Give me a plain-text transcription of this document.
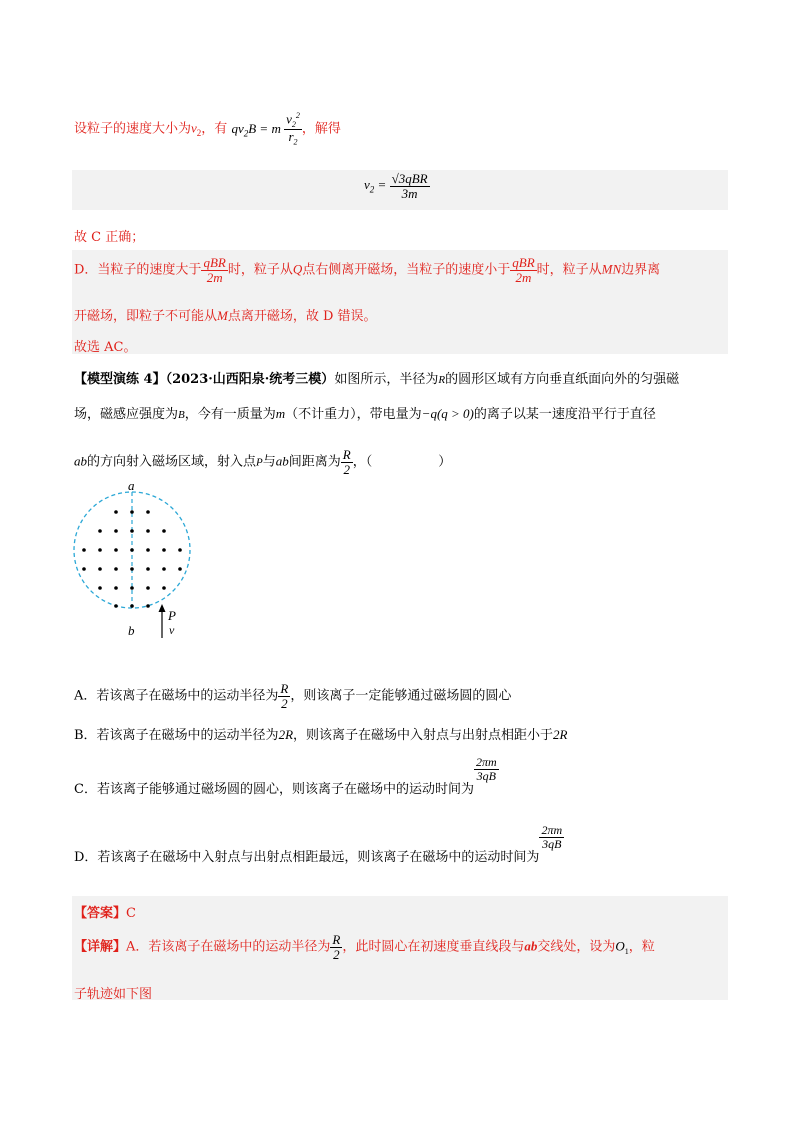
设粒子的速度大小为$v_2$，有 $qv_2B = m \frac{v_2^2}{r_2}$ ，解得
$v_2 = \frac{\text{√3qBR}}{3m}$
故 C 正确；
D．当粒子的速度大于 $\frac{\text{qBR}}{2m}$ 时，粒子从Q点右侧离开磁场，当粒子的速度小于 $\frac{\text{qBR}}{2m}$ 时，粒子从MN边界离
开磁场，即粒子不可能从M点离开磁场，故 D 错误。
故选 AC。
【模型演练 4】（2023·山西阳泉·统考三模）如图所示，半径为R的圆形区域有方向垂直纸面向外的匀强磁
场，磁感应强度为B，今有一质量为m（不计重力），带电量为−q(q > 0)的离子以某一速度沿平行于直径
ab的方向射入磁场区域，射入点P与ab间距离为 $\frac{R}{2}$ ，（	）
a
b
P
v
A．若该离子在磁场中的运动半径为 $\frac{R}{2}$ ，则该离子一定能够通过磁场圆的圆心
B．若该离子在磁场中的运动半径为2R，则该离子在磁场中入射点与出射点相距小于2R
C．若该离子能够通过磁场圆的圆心，则该离子在磁场中的运动时间为
$\frac{2\pi m}{3qB}$
D．若该离子在磁场中入射点与出射点相距最远，则该离子在磁场中的运动时间为
$\frac{2\pi m}{3qB}$
【答案】C
【详解】A．若该离子在磁场中的运动半径为 $\frac{R}{2}$ ，此时圆心在初速度垂直线段与ab交线处，设为$O_1$，粒
子轨迹如下图
